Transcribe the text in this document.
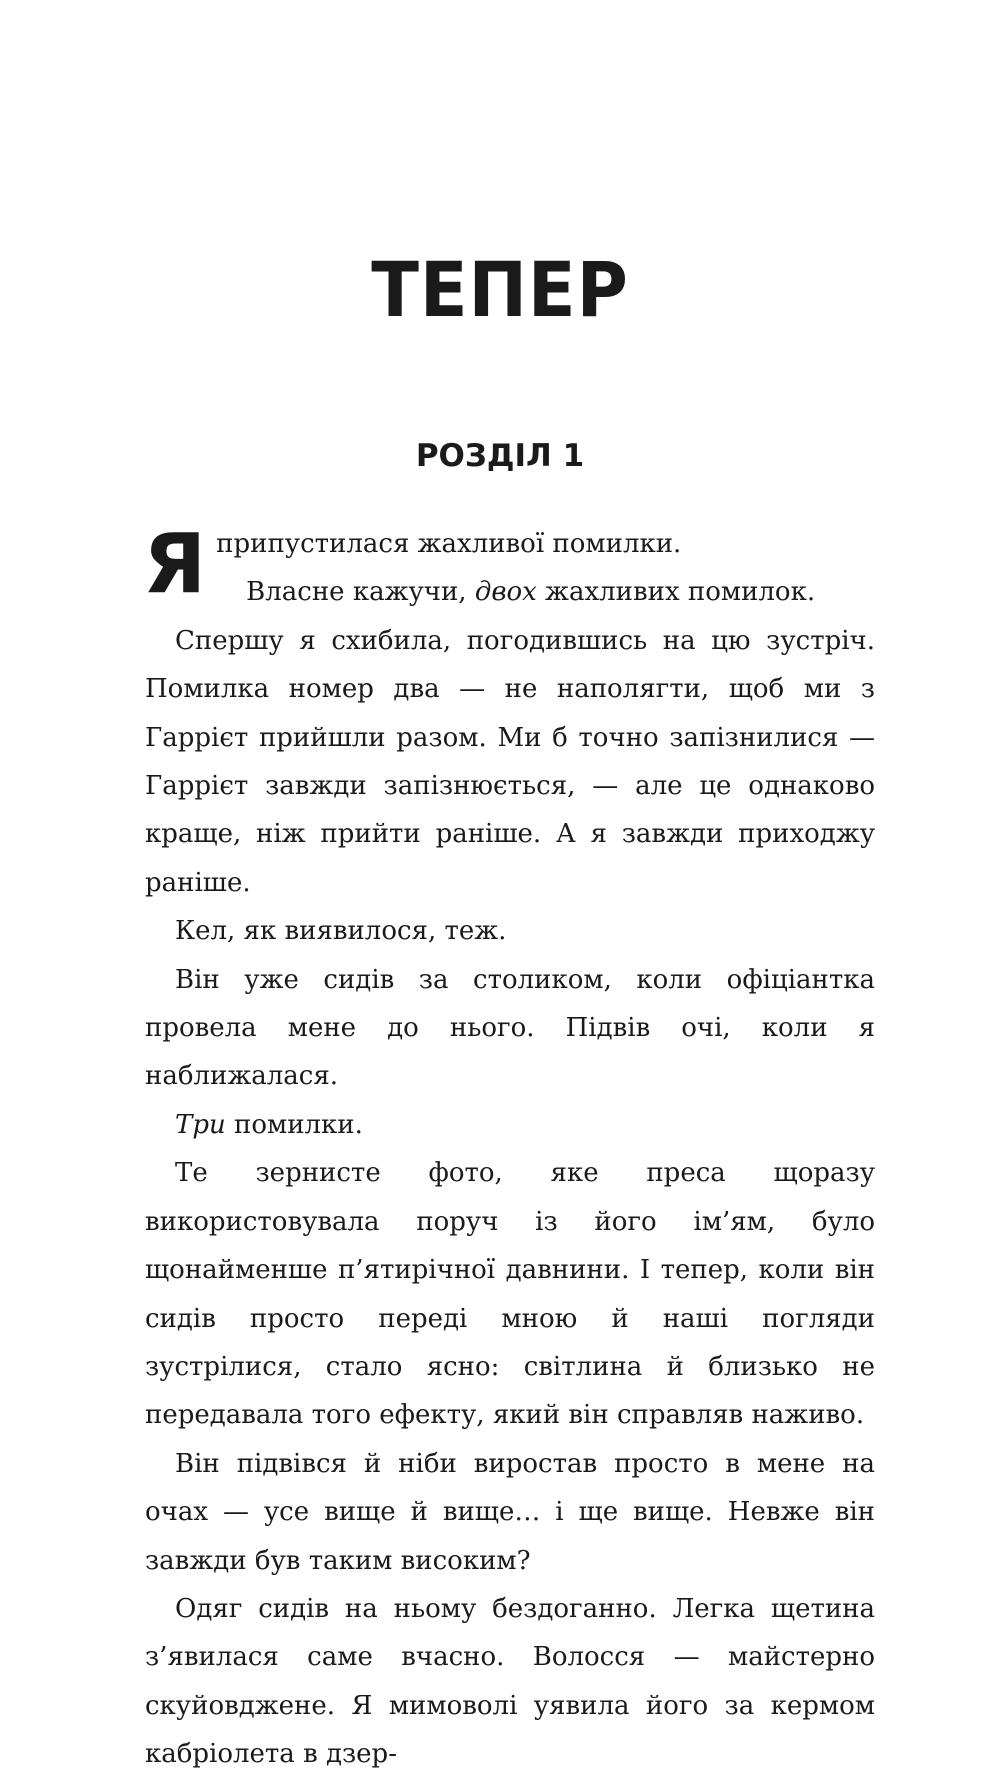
ТЕПЕР
РОЗДІЛ 1

Яприпустилася жахливої помилки.

Власне кажучи, двох жахливих помилок.

Спершу я схибила, погодившись на цю зустріч. Помилка номер два — не наполягти, щоб ми з Гаррієт прийшли разом. Ми б точно запізнилися — Гаррієт завжди запізнюється, — але це однаково краще, ніж прийти раніше. А я завжди приходжу раніше.

Кел, як виявилося, теж.

Він уже сидів за столиком, коли офіціантка провела мене до нього. Підвів очі, коли я наближалася.

Три помилки.

Те зернисте фото, яке преса щоразу використовувала поруч із його ім’ям, було щонайменше п’ятирічної давнини. І тепер, коли він сидів просто переді мною й наші погляди зустрілися, стало ясно: світлина й близько не передавала того ефекту, який він справляв наживо.

Він підвівся й ніби виростав просто в мене на очах — усе вище й вище… і ще вище. Невже він завжди був таким високим?

Одяг сидів на ньому бездоганно. Легка щетина з’явилася саме вчасно. Волосся — майстерно скуйовджене. Я мимоволі уявила його за кермом кабріолета в дзер-
